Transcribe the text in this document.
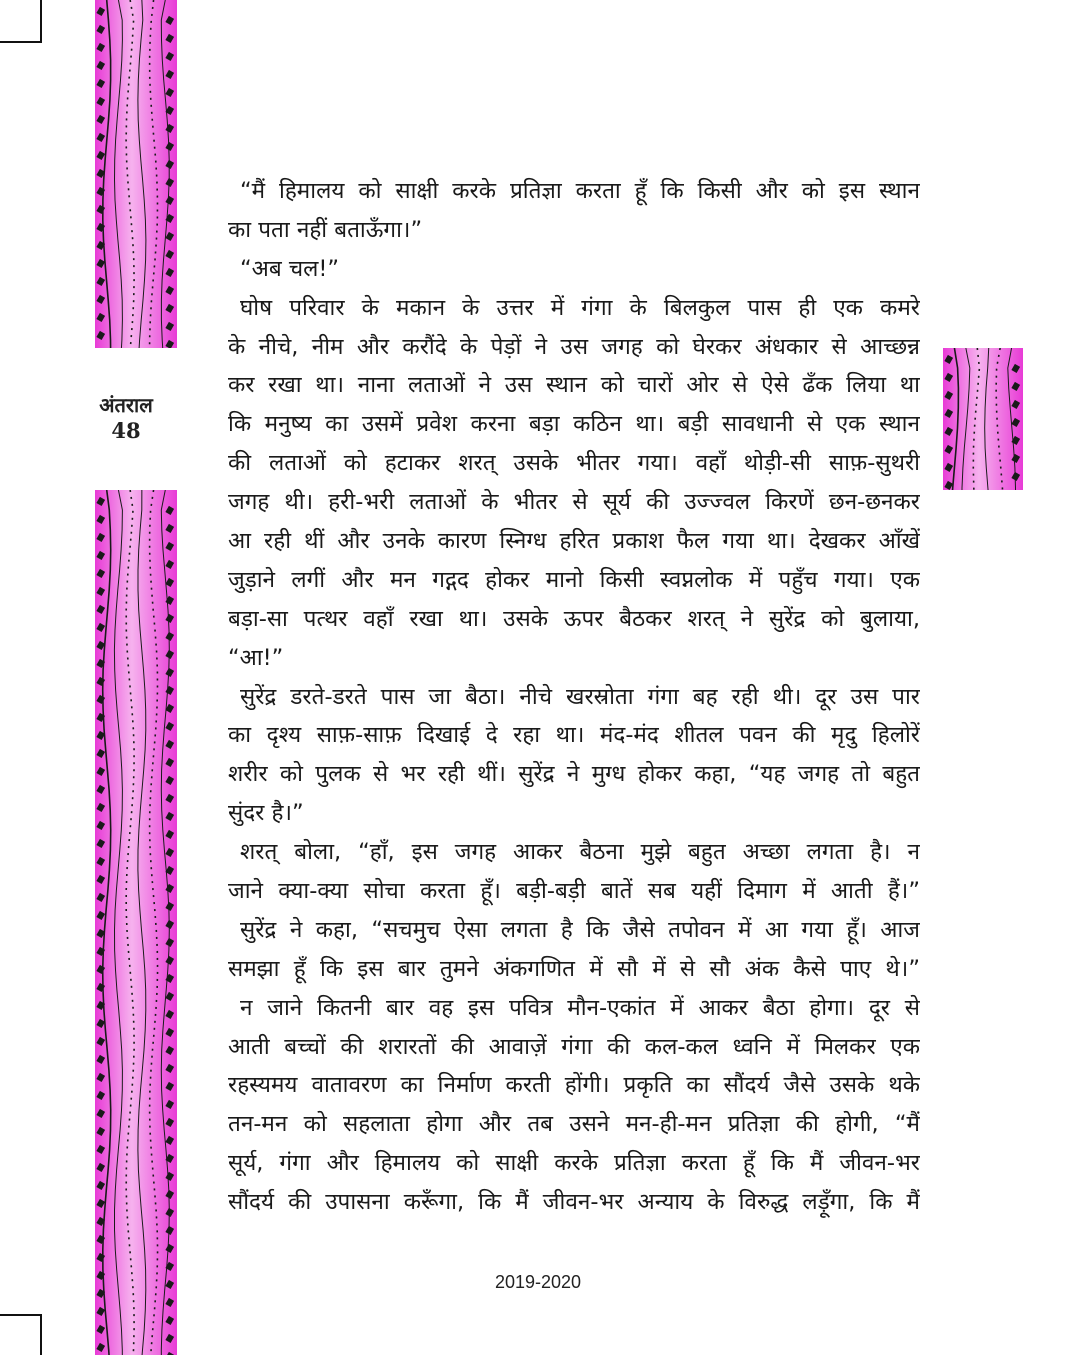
अंतराल
48
“मैं हिमालय को साक्षी करके प्रतिज्ञा करता हूँ कि किसी और को इस स्थान
का पता नहीं बताऊँगा।”
“अब चल!”
घोष परिवार के मकान के उत्तर में गंगा के बिलकुल पास ही एक कमरे
के नीचे, नीम और करौंदे के पेड़ों ने उस जगह को घेरकर अंधकार से आच्छन्न
कर रखा था। नाना लताओं ने उस स्थान को चारों ओर से ऐसे ढँक लिया था
कि मनुष्य का उसमें प्रवेश करना बड़ा कठिन था। बड़ी सावधानी से एक स्थान
की लताओं को हटाकर शरत् उसके भीतर गया। वहाँ थोड़ी-सी साफ़-सुथरी
जगह थी। हरी-भरी लताओं के भीतर से सूर्य की उज्ज्वल किरणें छन-छनकर
आ रही थीं और उनके कारण स्निग्ध हरित प्रकाश फैल गया था। देखकर आँखें
जुड़ाने लगीं और मन गद्गद होकर मानो किसी स्वप्नलोक में पहुँच गया। एक
बड़ा-सा पत्थर वहाँ रखा था। उसके ऊपर बैठकर शरत् ने सुरेंद्र को बुलाया,
“आ!”
सुरेंद्र डरते-डरते पास जा बैठा। नीचे खरस्रोता गंगा बह रही थी। दूर उस पार
का दृश्य साफ़-साफ़ दिखाई दे रहा था। मंद-मंद शीतल पवन की मृदु हिलोरें
शरीर को पुलक से भर रही थीं। सुरेंद्र ने मुग्ध होकर कहा, “यह जगह तो बहुत
सुंदर है।”
शरत् बोला, “हाँ, इस जगह आकर बैठना मुझे बहुत अच्छा लगता है। न
जाने क्या-क्या सोचा करता हूँ। बड़ी-बड़ी बातें सब यहीं दिमाग में आती हैं।”
सुरेंद्र ने कहा, “सचमुच ऐसा लगता है कि जैसे तपोवन में आ गया हूँ। आज
समझा हूँ कि इस बार तुमने अंकगणित में सौ में से सौ अंक कैसे पाए थे।”
न जाने कितनी बार वह इस पवित्र मौन-एकांत में आकर बैठा होगा। दूर से
आती बच्चों की शरारतों की आवाज़ें गंगा की कल-कल ध्वनि में मिलकर एक
रहस्यमय वातावरण का निर्माण करती होंगी। प्रकृति का सौंदर्य जैसे उसके थके
तन-मन को सहलाता होगा और तब उसने मन-ही-मन प्रतिज्ञा की होगी, “मैं
सूर्य, गंगा और हिमालय को साक्षी करके प्रतिज्ञा करता हूँ कि मैं जीवन-भर
सौंदर्य की उपासना करूँगा, कि मैं जीवन-भर अन्याय के विरुद्ध लड़ूँगा, कि मैं
2019-2020
